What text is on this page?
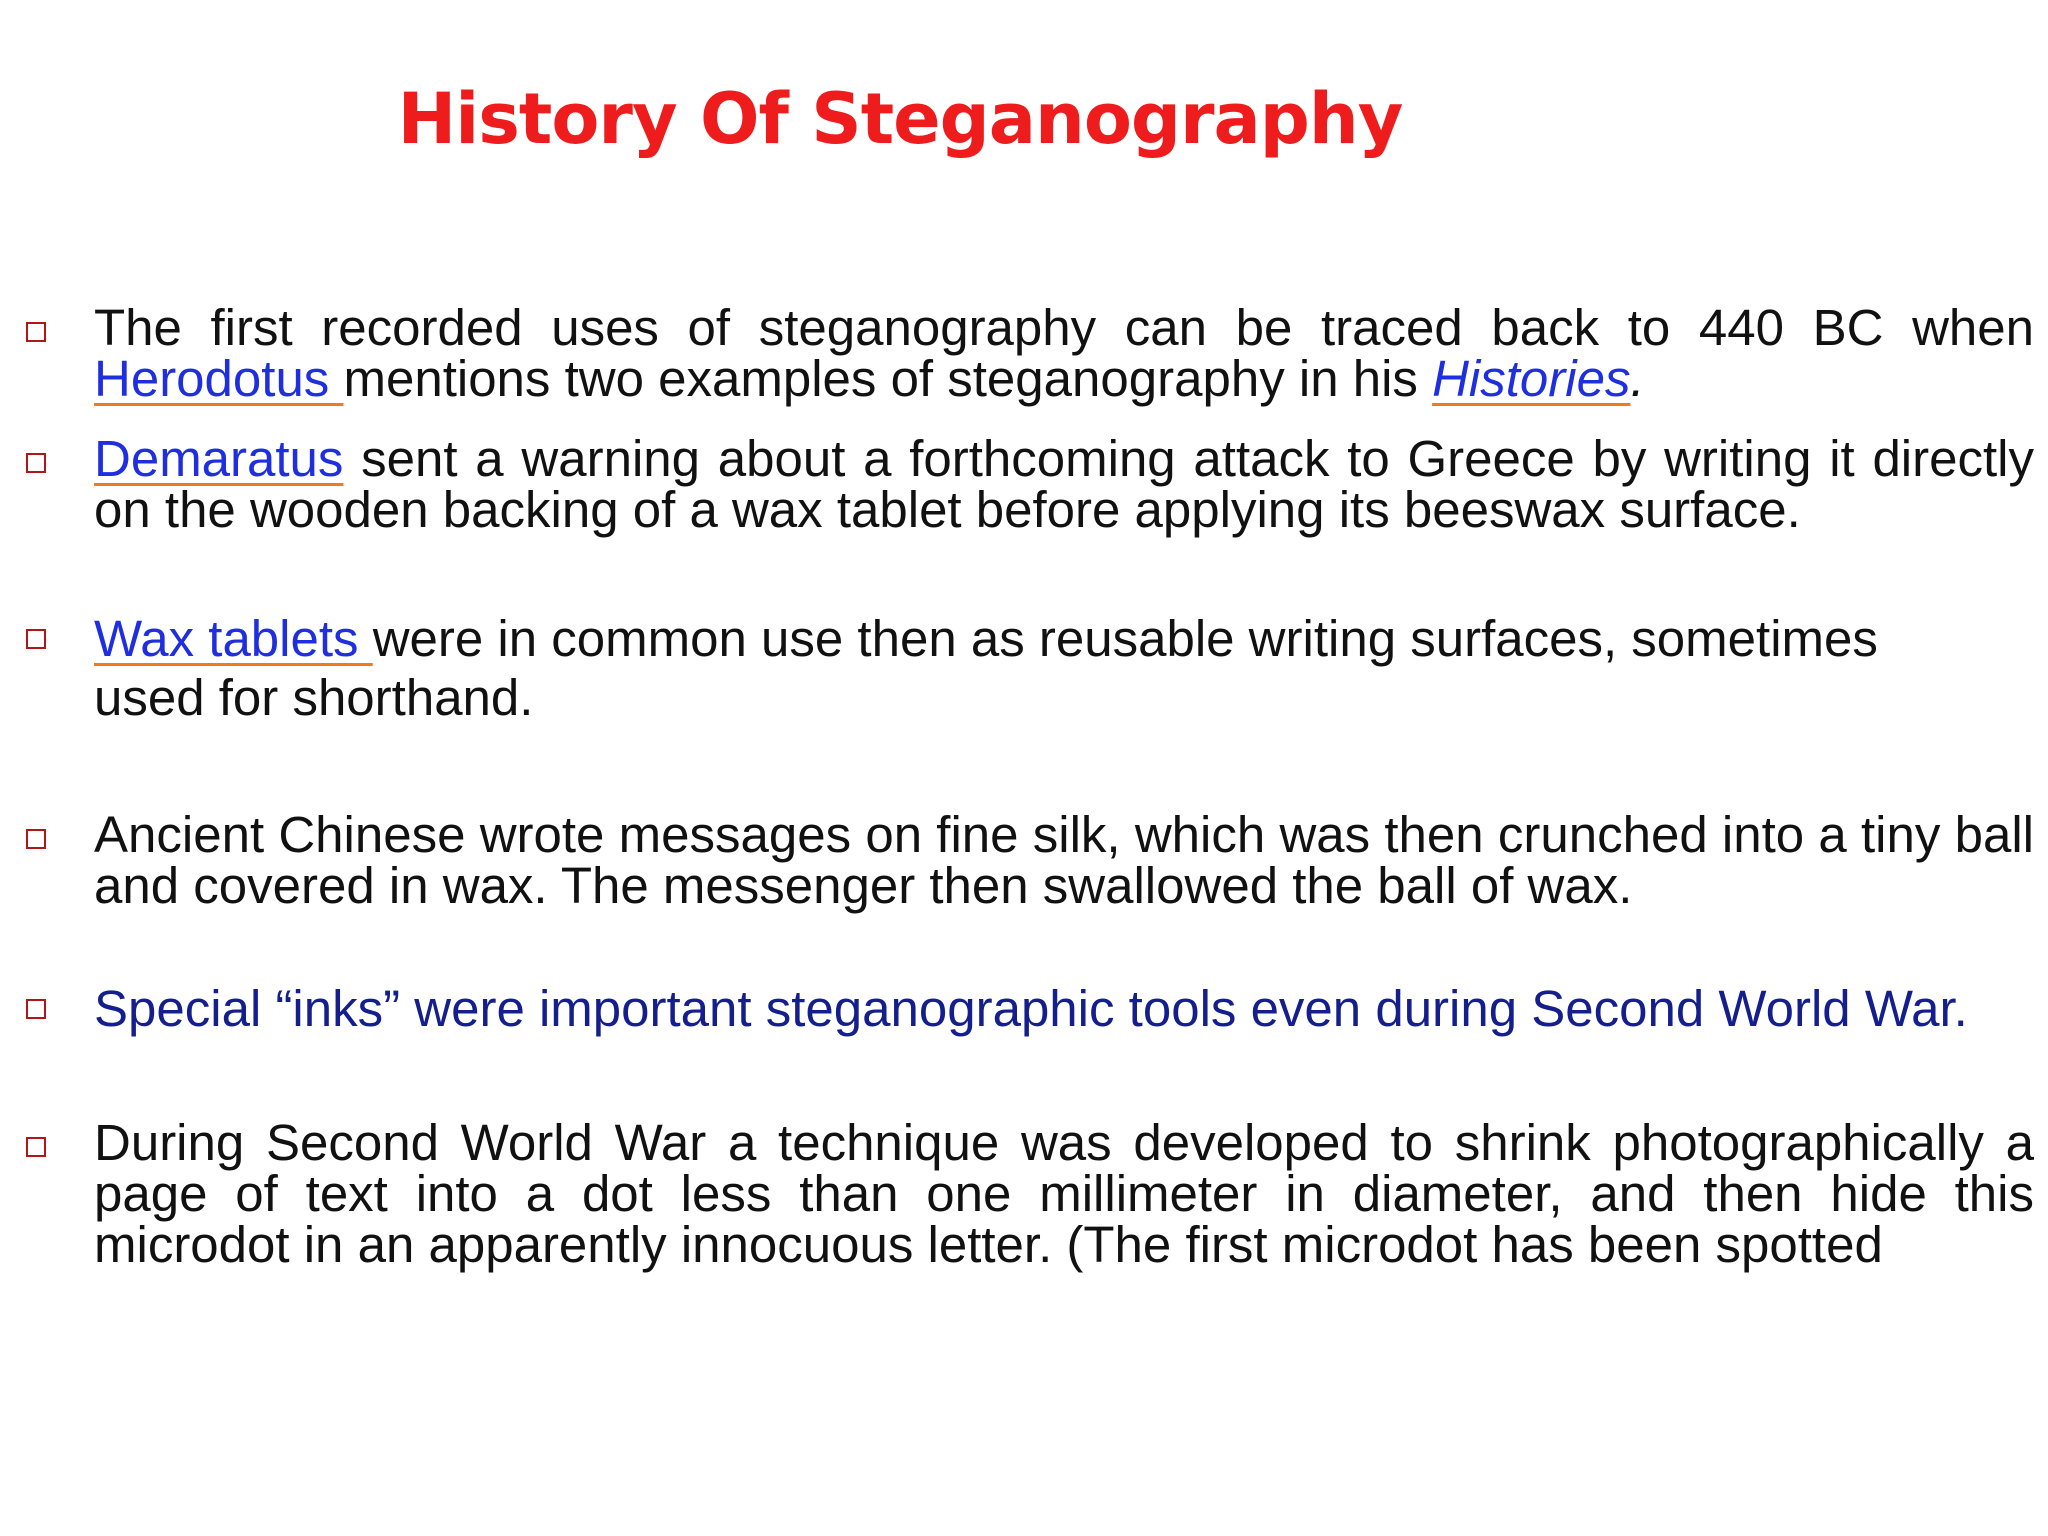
History Of Steganography
The first recorded uses of steganography can be traced back to 440 BC when Herodotus mentions two examples of steganography in his Histories.
Demaratus sent a warning about a forthcoming attack to Greece by writing it directly on the wooden backing of a wax tablet before applying its beeswax surface.
Wax tablets were in common use then as reusable writing surfaces, sometimes
used for shorthand.
Ancient Chinese wrote messages on fine silk, which was then crunched into a tiny ball and covered in wax. The messenger then swallowed the ball of wax.
Special “inks” were important steganographic tools even during Second World War.
During Second World War a technique was developed to shrink photographically a page of text into a dot less than one millimeter in diameter, and then hide this microdot in an apparently innocuous letter. (The first microdot has been spotted
